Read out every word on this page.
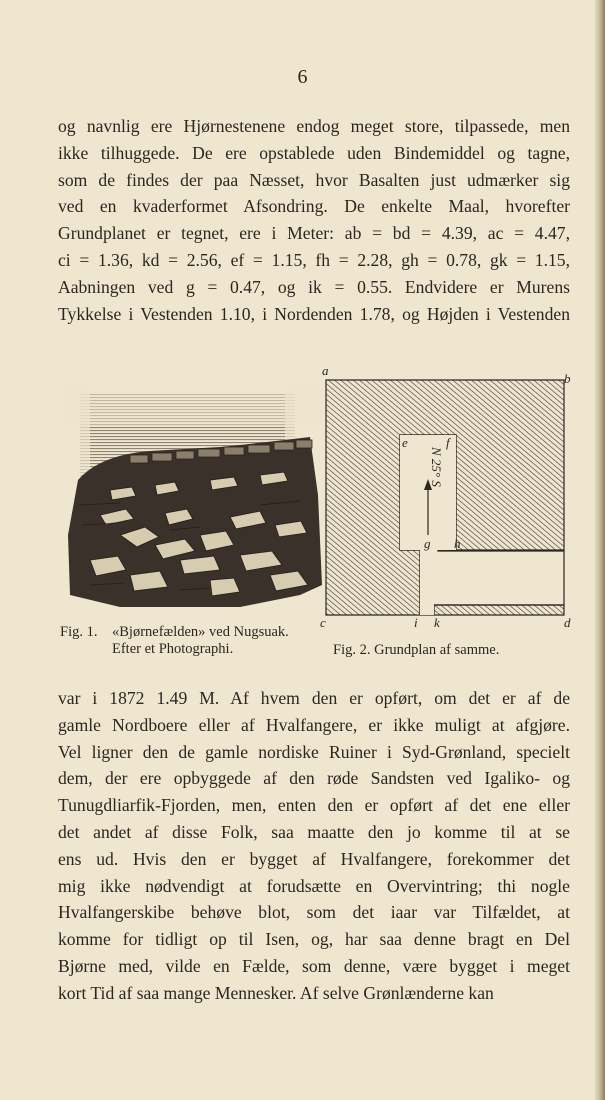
6
og navnlig ere Hjørnestenene endog meget store, tilpassede, men
ikke tilhuggede. De ere opstablede uden Bindemiddel og tagne,
som de findes der paa Næsset, hvor Basalten just udmærker sig
ved en kvaderformet Afsondring. De enkelte Maal, hvorefter
Grundplanet er tegnet, ere i Meter: ab = bd = 4.39, ac = 4.47,
ci = 1.36, kd = 2.56, ef = 1.15, fh = 2.28, gh = 0.78, gk = 1.15,
Aabningen ved g = 0.47, og ik = 0.55. Endvidere er Murens
Tykkelse i Vestenden 1.10, i Nordenden 1.78, og Højden i Vestenden
a
b
c	d
e	f
g h
i k
N 25° S
Fig. 1. «Bjørnefælden» ved Nugsuak.
Efter et Photographi.	Fig. 2. Grundplan af samme.
var i 1872 1.49 M. Af hvem den er opført, om det er af de
gamle Nordboere eller af Hvalfangere, er ikke muligt at afgjøre.
Vel ligner den de gamle nordiske Ruiner i Syd-Grønland, specielt
dem, der ere opbyggede af den røde Sandsten ved Igaliko- og
Tunugdliarfik-Fjorden, men, enten den er opført af det ene eller
det andet af disse Folk, saa maatte den jo komme til at se
ens ud. Hvis den er bygget af Hvalfangere, forekommer det
mig ikke nødvendigt at forudsætte en Overvintring; thi nogle
Hvalfangerskibe behøve blot, som det iaar var Tilfældet, at
komme for tidligt op til Isen, og, har saa denne bragt en Del
Bjørne med, vilde en Fælde, som denne, være bygget i meget
kort Tid af saa mange Mennesker. Af selve Grønlænderne kan
